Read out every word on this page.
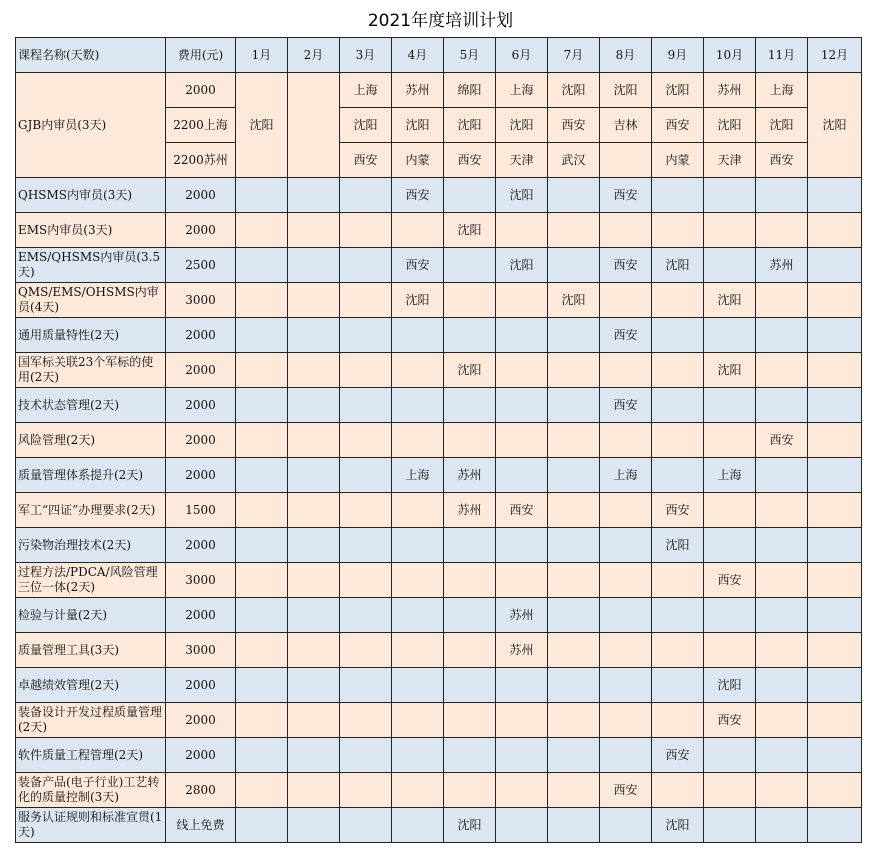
2021年度培训计划
课程名称(天数)	费用(元)	1月	2月	3月	4月	5月	6月	7月	8月	9月	10月	11月	12月
GJB内审员(3天)	2000	沈阳		上海	苏州	绵阳	上海	沈阳	沈阳	沈阳	苏州	上海	沈阳
	2200上海			沈阳	沈阳	沈阳	沈阳	西安	吉林	西安	沈阳	沈阳	
	2200苏州			西安	内蒙	西安	天津	武汉		内蒙	天津	西安	
QHSMS内审员(3天)	2000				西安		沈阳		西安				
EMS内审员(3天)	2000					沈阳							
EMS/QHSMS内审员(3.5天)	2500				西安		沈阳		西安	沈阳		苏州	
QMS/EMS/OHSMS内审员(4天)	3000				沈阳			沈阳			沈阳		
通用质量特性(2天)	2000								西安				
国军标关联23个军标的使用(2天)	2000					沈阳					沈阳		
技术状态管理(2天)	2000								西安				
风险管理(2天)	2000											西安	
质量管理体系提升(2天)	2000				上海	苏州			上海		上海		
军工“四证”办理要求(2天)	1500					苏州	西安			西安			
污染物治理技术(2天)	2000									沈阳			
过程方法/PDCA/风险管理三位一体(2天)	3000										西安		
检验与计量(2天)	2000						苏州						
质量管理工具(3天)	3000						苏州						
卓越绩效管理(2天)	2000										沈阳		
装备设计开发过程质量管理(2天)	2000										西安		
软件质量工程管理(2天)	2000									西安			
装备产品(电子行业)工艺转化的质量控制(3天)	2800								西安				
服务认证规则和标准宣贯(1天)	线上免费					沈阳				沈阳			
